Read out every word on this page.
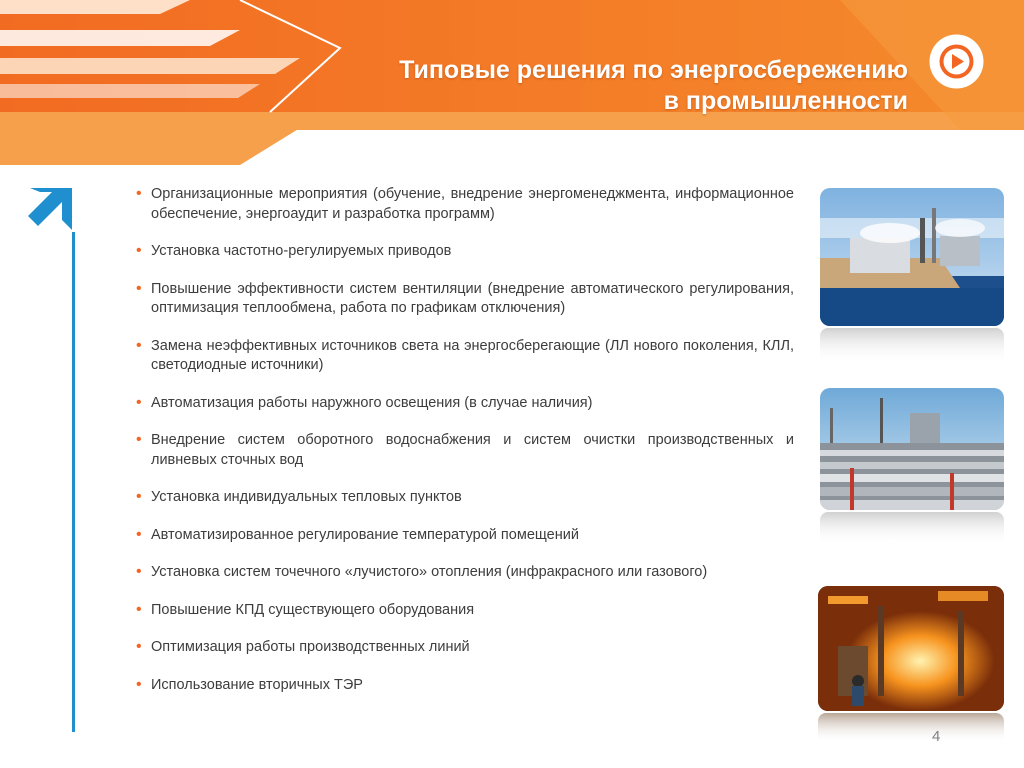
Типовые решения по энергосбережению
в промышленности
• Организационные мероприятия (обучение, внедрение энергоменеджмента, информационное обеспечение, энергоаудит и разработка программ)
• Установка частотно-регулируемых приводов
• Повышение эффективности систем вентиляции (внедрение автоматического регулирования, оптимизация теплообмена, работа по графикам отключения)
• Замена неэффективных источников света на энергосберегающие (ЛЛ нового поколения, КЛЛ, светодиодные источники)
• Автоматизация работы наружного освещения (в случае наличия)
• Внедрение систем оборотного водоснабжения и систем очистки производственных и ливневых сточных вод
• Установка индивидуальных тепловых пунктов
• Автоматизированное регулирование температурой помещений
• Установка систем точечного «лучистого» отопления (инфракрасного или газового)
• Повышение КПД существующего оборудования
• Оптимизация работы производственных линий
• Использование вторичных ТЭР
4
